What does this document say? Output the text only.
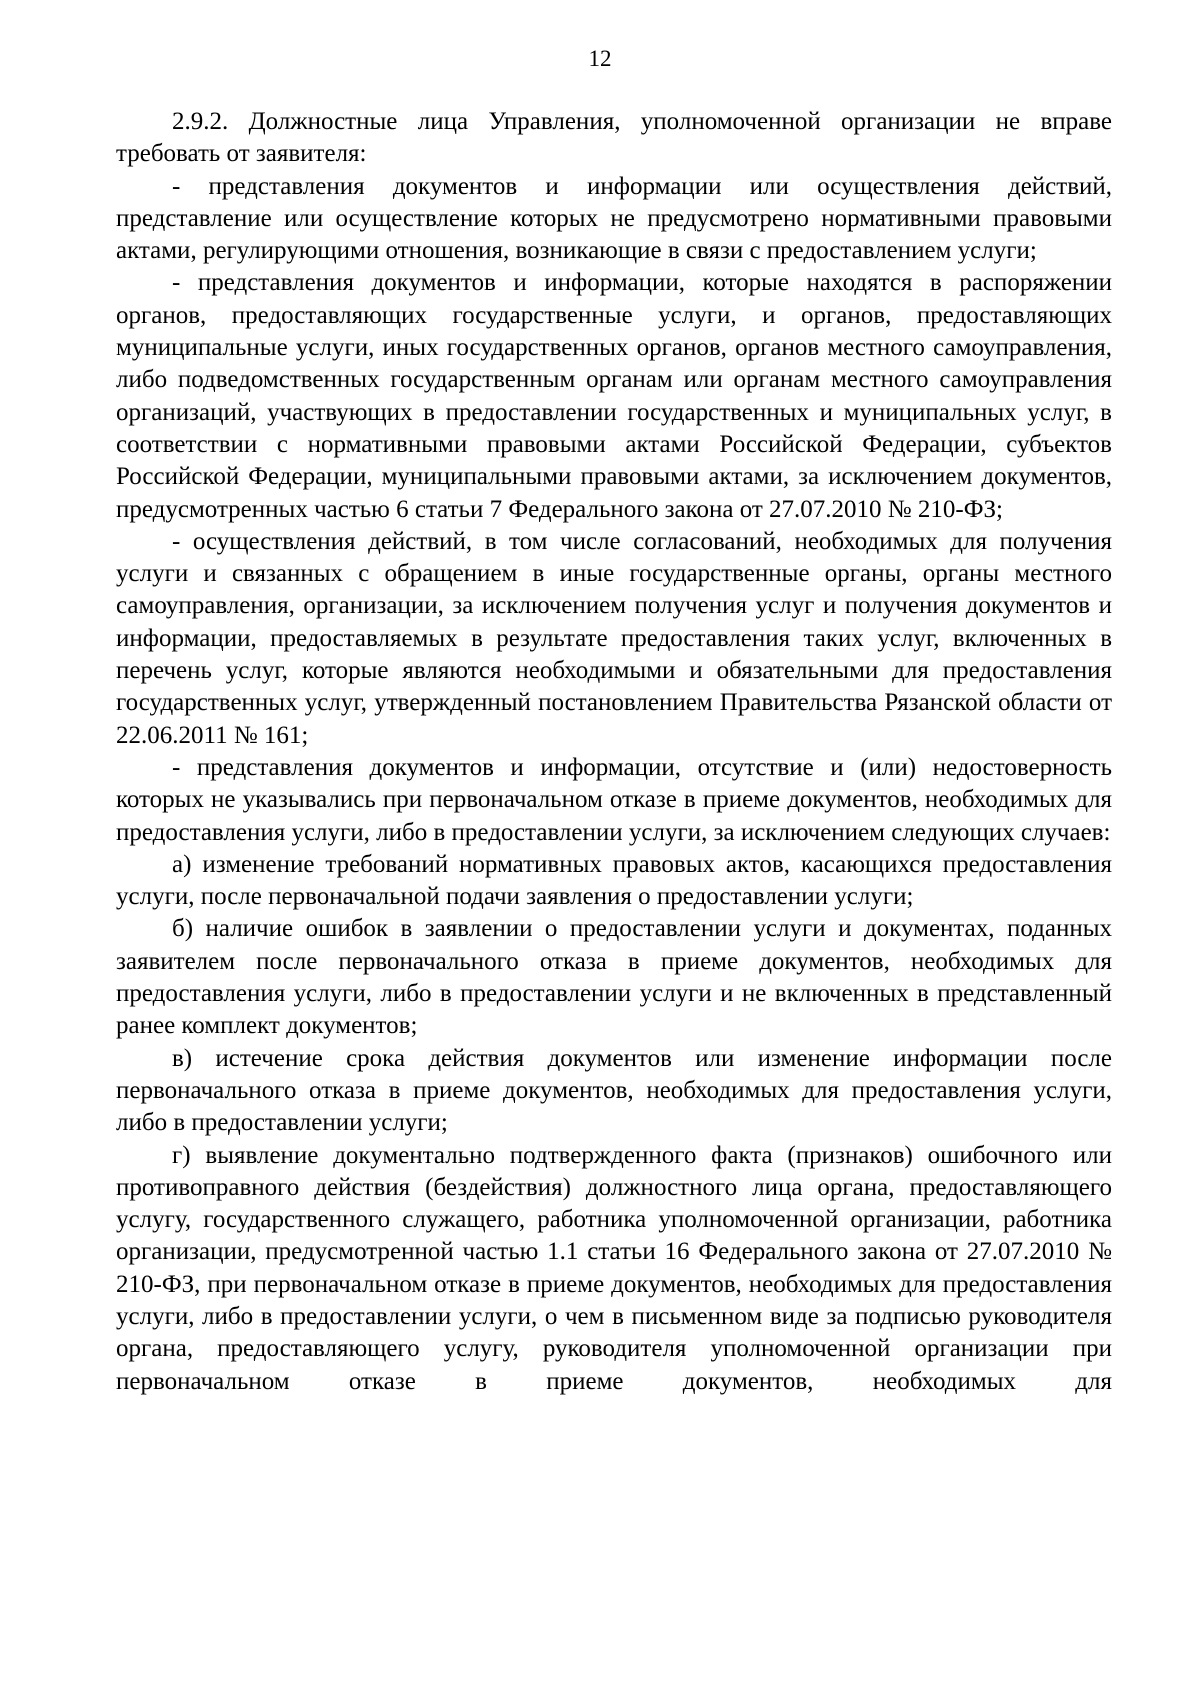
12

2.9.2. Должностные лица Управления, уполномоченной организации не вправе требовать от заявителя:

- представления документов и информации или осуществления действий, представление или осуществление которых не предусмотрено нормативными правовыми актами, регулирующими отношения, возникающие в связи с предоставлением услуги;

- представления документов и информации, которые находятся в распоряжении органов, предоставляющих государственные услуги, и органов, предоставляющих муниципальные услуги, иных государственных органов, органов местного самоуправления, либо подведомственных государственным органам или органам местного самоуправления организаций, участвующих в предоставлении государственных и муниципальных услуг, в соответствии с нормативными правовыми актами Российской Федерации, субъектов Российской Федерации, муниципальными правовыми актами, за исключением документов, предусмотренных частью 6 статьи 7 Федерального закона от 27.07.2010 № 210-ФЗ;

- осуществления действий, в том числе согласований, необходимых для получения услуги и связанных с обращением в иные государственные органы, органы местного самоуправления, организации, за исключением получения услуг и получения документов и информации, предоставляемых в результате предоставления таких услуг, включенных в перечень услуг, которые являются необходимыми и обязательными для предоставления государственных услуг, утвержденный постановлением Правительства Рязанской области от 22.06.2011 № 161;

- представления документов и информации, отсутствие и (или) недостоверность которых не указывались при первоначальном отказе в приеме документов, необходимых для предоставления услуги, либо в предоставлении услуги, за исключением следующих случаев:

а) изменение требований нормативных правовых актов, касающихся предоставления услуги, после первоначальной подачи заявления о предоставлении услуги;

б) наличие ошибок в заявлении о предоставлении услуги и документах, поданных заявителем после первоначального отказа в приеме документов, необходимых для предоставления услуги, либо в предоставлении услуги и не включенных в представленный ранее комплект документов;

в) истечение срока действия документов или изменение информации после первоначального отказа в приеме документов, необходимых для предоставления услуги, либо в предоставлении услуги;

г) выявление документально подтвержденного факта (признаков) ошибочного или противоправного действия (бездействия) должностного лица органа, предоставляющего услугу, государственного служащего, работника уполномоченной организации, работника организации, предусмотренной частью 1.1 статьи 16 Федерального закона от 27.07.2010 № 210-ФЗ, при первоначальном отказе в приеме документов, необходимых для предоставления услуги, либо в предоставлении услуги, о чем в письменном виде за подписью руководителя органа, предоставляющего услугу, руководителя уполномоченной организации при первоначальном отказе в приеме документов, необходимых для
